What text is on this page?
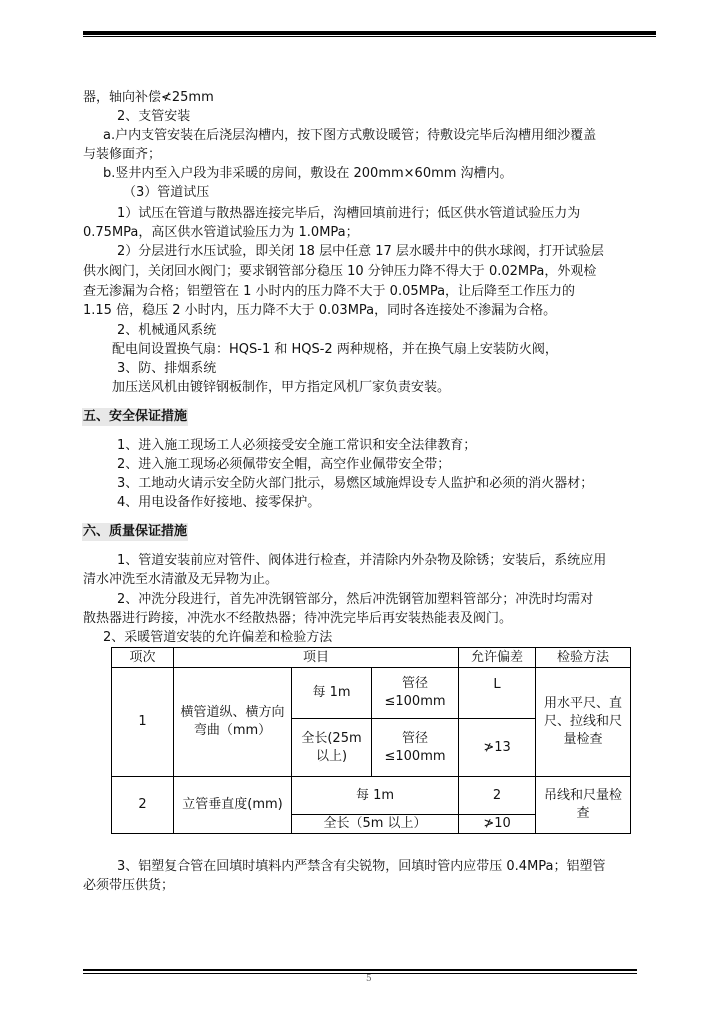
器，轴向补偿≮25mm
2、支管安装
a.户内支管安装在后浇层沟槽内，按下图方式敷设暖管；待敷设完毕后沟槽用细沙覆盖
与装修面齐；
b.竖井内至入户段为非采暖的房间，敷设在 200mm×60mm 沟槽内。
（3）管道试压
1）试压在管道与散热器连接完毕后，沟槽回填前进行；低区供水管道试验压力为
0.75MPa，高区供水管道试验压力为 1.0MPa；
2）分层进行水压试验，即关闭 18 层中任意 17 层水暖井中的供水球阀，打开试验层
供水阀门，关闭回水阀门；要求钢管部分稳压 10 分钟压力降不得大于 0.02MPa，外观检
查无渗漏为合格；铝塑管在 1 小时内的压力降不大于 0.05MPa，让后降至工作压力的
1.15 倍，稳压 2 小时内，压力降不大于 0.03MPa，同时各连接处不渗漏为合格。
2、机械通风系统
配电间设置换气扇：HQS-1 和 HQS-2 两种规格，并在换气扇上安装防火阀，
3、防、排烟系统
加压送风机由镀锌钢板制作，甲方指定风机厂家负责安装。
五、安全保证措施
1、进入施工现场工人必须接受安全施工常识和安全法律教育；
2、进入施工现场必须佩带安全帽，高空作业佩带安全带；
3、工地动火请示安全防火部门批示，易燃区域施焊设专人监护和必须的消火器材；
4、用电设备作好接地、接零保护。
六、质量保证措施
1、管道安装前应对管件、阀体进行检查，并清除内外杂物及除锈；安装后，系统应用
清水冲洗至水清澈及无异物为止。
2、冲洗分段进行，首先冲洗钢管部分，然后冲洗钢管加塑料管部分；冲洗时均需对
散热器进行跨接，冲洗水不经散热器；待冲洗完毕后再安装热能表及阀门。
2、采暖管道安装的允许偏差和检验方法
项次	项目			允许偏差	检验方法
1	横管道纵、横方向弯曲（mm）	每 1m	管径≤100mm	L	用水平尺、直尺、拉线和尺量检查
		全长(25m 以上)	管径≤100mm	≯13	
2	立管垂直度(mm)	每 1m		2	吊线和尺量检查
		全长（5m 以上）		≯10	
3、铝塑复合管在回填时填料内严禁含有尖锐物，回填时管内应带压 0.4MPa；铝塑管
必须带压供货；
5
